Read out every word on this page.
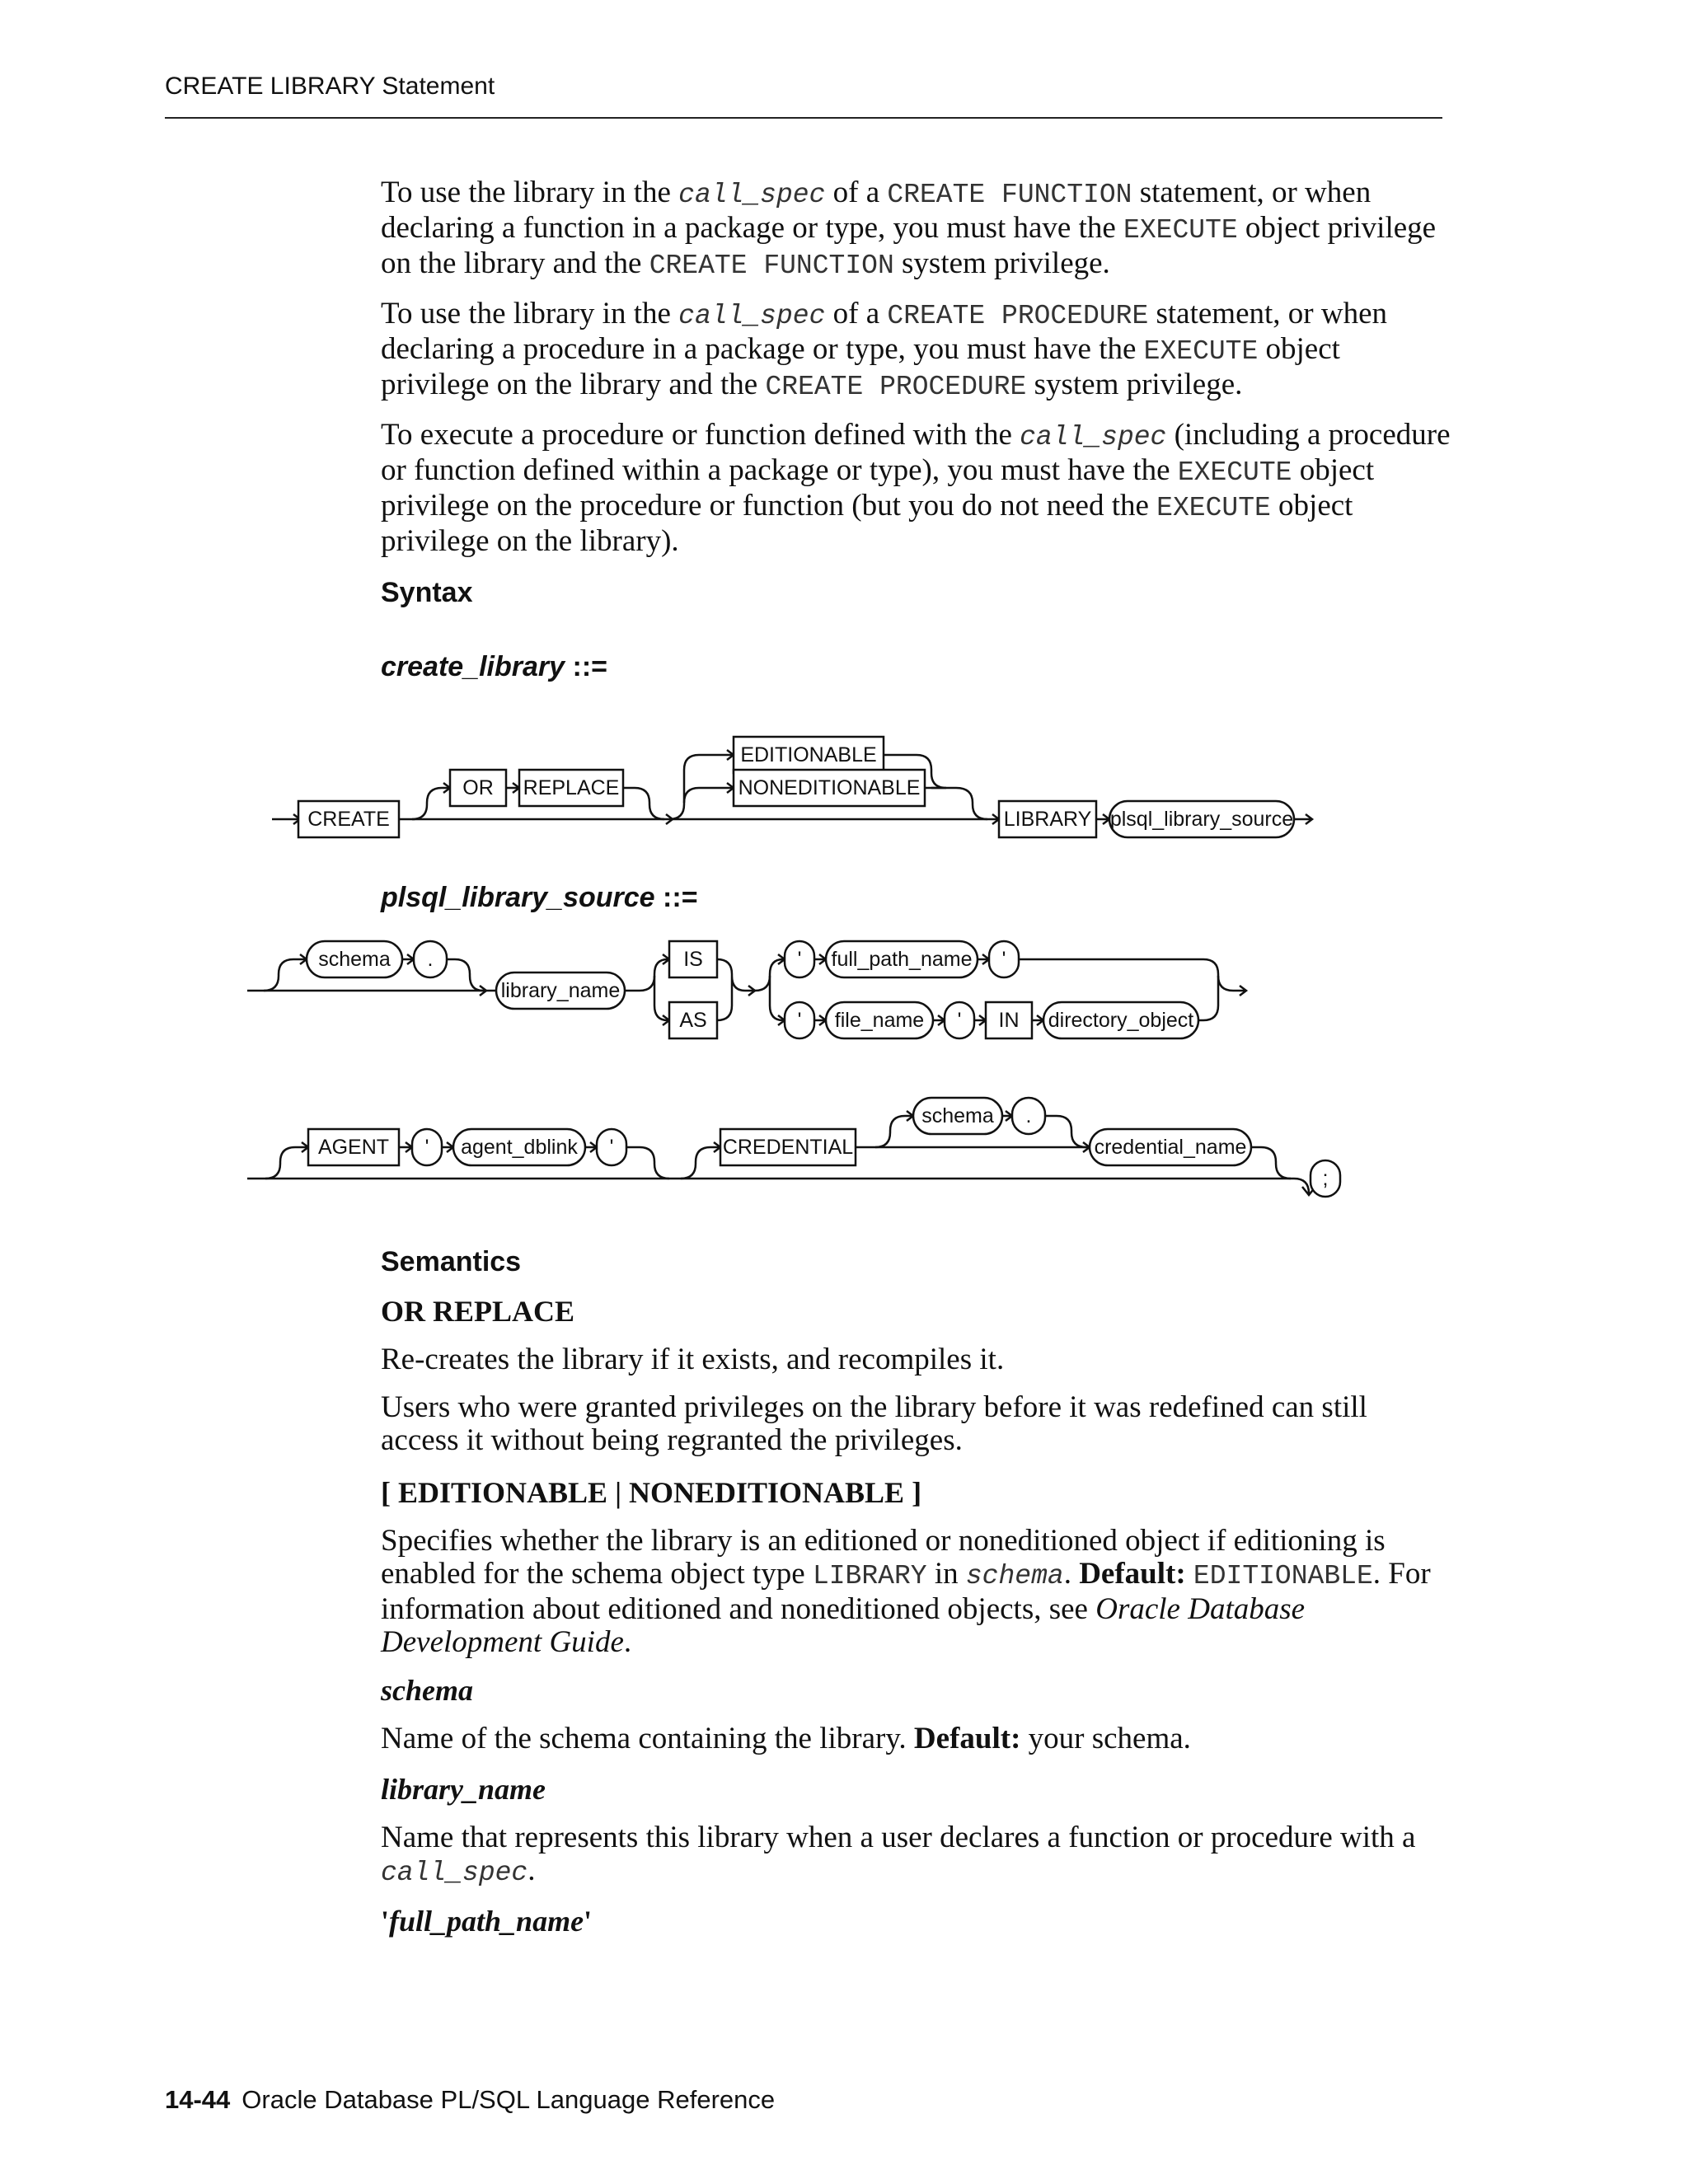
CREATE LIBRARY Statement

To use the library in the call_spec of a CREATE FUNCTION statement, or when declaring a function in a package or type, you must have the EXECUTE object privilege on the library and the CREATE FUNCTION system privilege.

To use the library in the call_spec of a CREATE PROCEDURE statement, or when declaring a procedure in a package or type, you must have the EXECUTE object privilege on the library and the CREATE PROCEDURE system privilege.

To execute a procedure or function defined with the call_spec (including a procedure or function defined within a package or type), you must have the EXECUTE object privilege on the procedure or function (but you do not need the EXECUTE object privilege on the library).

Syntax
create_library ::=
CREATE
OR REPLACE
EDITIONABLE
NONEDITIONABLE
LIBRARY plsql_library_source
plsql_library_source ::=
schema .
library_name
IS
AS
' full_path_name '
' file_name ' IN directory_object
AGENT ' agent_dblink '	CREDENTIAL
schema .
credential_name
;
Semantics
OR REPLACE

Re-creates the library if it exists, and recompiles it.

Users who were granted privileges on the library before it was redefined can still access it without being regranted the privileges.

[ EDITIONABLE | NONEDITIONABLE ]

Specifies whether the library is an editioned or noneditioned object if editioning is enabled for the schema object type LIBRARY in schema. Default: EDITIONABLE. For information about editioned and noneditioned objects, see Oracle Database Development Guide.

schema

Name of the schema containing the library. Default: your schema.

library_name

Name that represents this library when a user declares a function or procedure with a call_spec.

'full_path_name'
14-44 Oracle Database PL/SQL Language Reference
